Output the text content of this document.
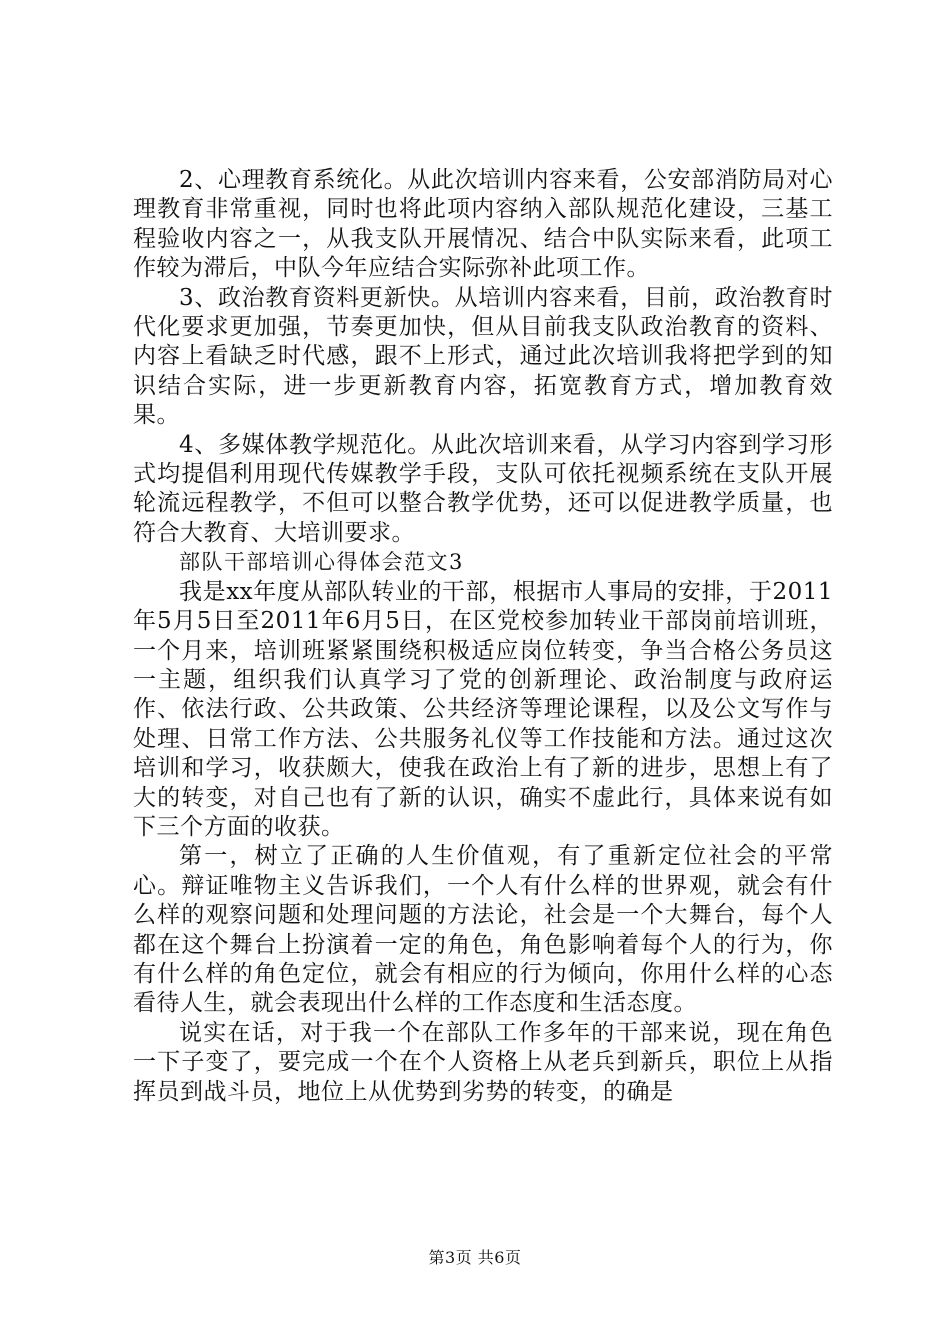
2、心理教育系统化。从此次培训内容来看，公安部消防局对心理教育非常重视，同时也将此项内容纳入部队规范化建设，三基工程验收内容之一，从我支队开展情况、结合中队实际来看，此项工作较为滞后，中队今年应结合实际弥补此项工作。

3、政治教育资料更新快。从培训内容来看，目前，政治教育时代化要求更加强，节奏更加快，但从目前我支队政治教育的资料、内容上看缺乏时代感，跟不上形式，通过此次培训我将把学到的知识结合实际，进一步更新教育内容，拓宽教育方式，增加教育效果。

4、多媒体教学规范化。从此次培训来看，从学习内容到学习形式均提倡利用现代传媒教学手段，支队可依托视频系统在支队开展轮流远程教学，不但可以整合教学优势，还可以促进教学质量，也符合大教育、大培训要求。

部队干部培训心得体会范文3

我是xx年度从部队转业的干部，根据市人事局的安排，于2011年5月5日至2011年6月5日，在区党校参加转业干部岗前培训班，一个月来，培训班紧紧围绕积极适应岗位转变，争当合格公务员这一主题，组织我们认真学习了党的创新理论、政治制度与政府运作、依法行政、公共政策、公共经济等理论课程，以及公文写作与处理、日常工作方法、公共服务礼仪等工作技能和方法。通过这次培训和学习，收获颇大，使我在政治上有了新的进步，思想上有了大的转变，对自己也有了新的认识，确实不虚此行，具体来说有如下三个方面的收获。

第一，树立了正确的人生价值观，有了重新定位社会的平常心。辩证唯物主义告诉我们，一个人有什么样的世界观，就会有什么样的观察问题和处理问题的方法论，社会是一个大舞台，每个人都在这个舞台上扮演着一定的角色，角色影响着每个人的行为，你有什么样的角色定位，就会有相应的行为倾向，你用什么样的心态看待人生，就会表现出什么样的工作态度和生活态度。

说实在话，对于我一个在部队工作多年的干部来说，现在角色一下子变了，要完成一个在个人资格上从老兵到新兵，职位上从指挥员到战斗员，地位上从优势到劣势的转变，的确是

第3页 共6页
